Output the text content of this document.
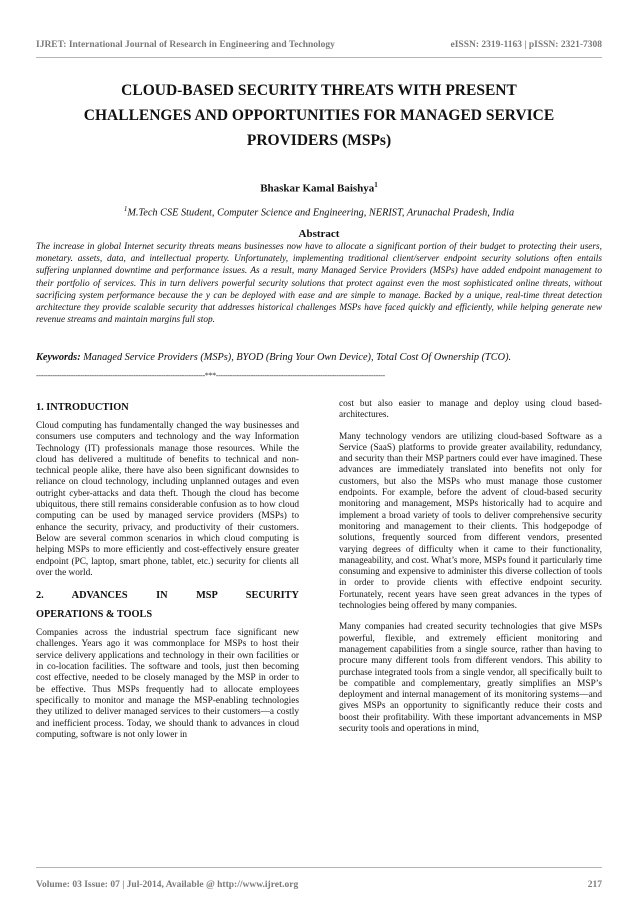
IJRET: International Journal of Research in Engineering and Technology	eISSN: 2319-1163 | pISSN: 2321-7308
CLOUD-BASED SECURITY THREATS WITH PRESENT
CHALLENGES AND OPPORTUNITIES FOR MANAGED SERVICE
PROVIDERS (MSPs)
Bhaskar Kamal Baishya$^1$
$^1$M.Tech CSE Student, Computer Science and Engineering, NERIST, Arunachal Pradesh, India
Abstract

The increase in global Internet security threats means businesses now have to allocate a significant portion of their budget to protecting their users, monetary. assets, data, and intellectual property. Unfortunately, implementing traditional client/server endpoint security solutions often entails suffering unplanned downtime and performance issues. As a result, many Managed Service Providers (MSPs) have added endpoint management to their portfolio of services. This in turn delivers powerful security solutions that protect against even the most sophisticated online threats, without sacrificing system performance because the y can be deployed with ease and are simple to manage. Backed by a unique, real-time threat detection architecture they provide scalable security that addresses historical challenges MSPs have faced quickly and efficiently, while helping generate new revenue streams and maintain margins full stop.

Keywords: Managed Service Providers (MSPs), BYOD (Bring Your Own Device), Total Cost Of Ownership (TCO).
-------------------------------------------------------------------------***-------------------------------------------------------------------------
1. INTRODUCTION

Cloud computing has fundamentally changed the way businesses and consumers use computers and technology and the way Information Technology (IT) professionals manage those resources. While the cloud has delivered a multitude of benefits to technical and non-technical people alike, there have also been significant downsides to reliance on cloud technology, including unplanned outages and even outright cyber-attacks and data theft. Though the cloud has become ubiquitous, there still remains considerable confusion as to how cloud computing can be used by managed service providers (MSPs) to enhance the security, privacy, and productivity of their customers. Below are several common scenarios in which cloud computing is helping MSPs to more efficiently and cost-effectively ensure greater endpoint (PC, laptop, smart phone, tablet, etc.) security for clients all over the world.

2. ADVANCES IN MSP SECURITY
OPERATIONS & TOOLS

Companies across the industrial spectrum face significant new challenges. Years ago it was commonplace for MSPs to host their service delivery applications and technology in their own facilities or in co-location facilities. The software and tools, just then becoming cost effective, needed to be closely managed by the MSP in order to be effective. Thus MSPs frequently had to allocate employees specifically to monitor and manage the MSP-enabling technologies they utilized to deliver managed services to their customers—a costly and inefficient process. Today, we should thank to advances in cloud computing, software is not only lower in

cost but also easier to manage and deploy using cloud based-architectures.

Many technology vendors are utilizing cloud-based Software as a Service (SaaS) platforms to provide greater availability, redundancy, and security than their MSP partners could ever have imagined. These advances are immediately translated into benefits not only for customers, but also the MSPs who must manage those customer endpoints. For example, before the advent of cloud-based security monitoring and management, MSPs historically had to acquire and implement a broad variety of tools to deliver comprehensive security monitoring and management to their clients. This hodgepodge of solutions, frequently sourced from different vendors, presented varying degrees of difficulty when it came to their functionality, manageability, and cost. What’s more, MSPs found it particularly time consuming and expensive to administer this diverse collection of tools in order to provide clients with effective endpoint security. Fortunately, recent years have seen great advances in the types of technologies being offered by many companies.

Many companies had created security technologies that give MSPs powerful, flexible, and extremely efficient monitoring and management capabilities from a single source, rather than having to procure many different tools from different vendors. This ability to purchase integrated tools from a single vendor, all specifically built to be compatible and complementary, greatly simplifies an MSP’s deployment and internal management of its monitoring systems—and gives MSPs an opportunity to significantly reduce their costs and boost their profitability. With these important advancements in MSP security tools and operations in mind,

Volume: 03 Issue: 07 | Jul-2014, Available @ http://www.ijret.org	217
